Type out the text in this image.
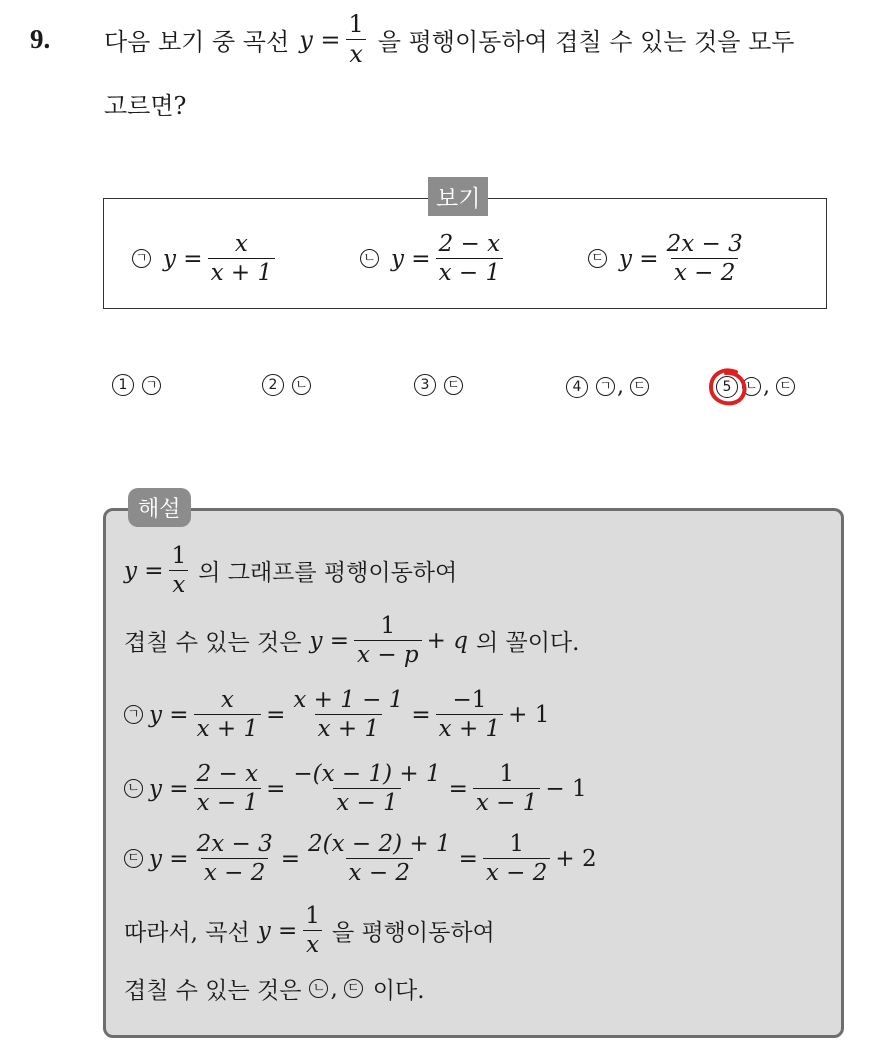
9. 다음 보기 중 곡선 $y = \frac{1}{x}$ 을 평행이동하여 겹칠 수 있는 것을 모두
고르면?
보기
ㄱ $y = \frac{x}{x + 1}$	ㄴ $y = \frac{2 - x}{x - 1}$	ㄷ $y = \frac{2x - 3}{x - 2}$
1	ㄱ	2	ㄴ	3	ㄷ	4	ㄱ , ㄷ	5	ㄴ , ㄷ
해설
$y = \frac{1}{x}$ 의 그래프를 평행이동하여
겹칠 수 있는 것은 $y = \frac{1}{x - p} + q$ 의 꼴이다.
ㄱ $y = \frac{x}{x + 1} = \frac{x + 1 - 1}{x + 1} = \frac{-1}{x + 1} + 1$
ㄴ $y = \frac{2 - x}{x - 1} = \frac{-(x - 1) + 1}{x - 1} = \frac{1}{x - 1} - 1$
ㄷ $y = \frac{2x - 3}{x - 2} = \frac{2(x - 2) + 1}{x - 2} = \frac{1}{x - 2} + 2$
따라서, 곡선 $y = \frac{1}{x}$ 을 평행이동하여
겹칠 수 있는 것은 ㄴ , ㄷ 이다.
